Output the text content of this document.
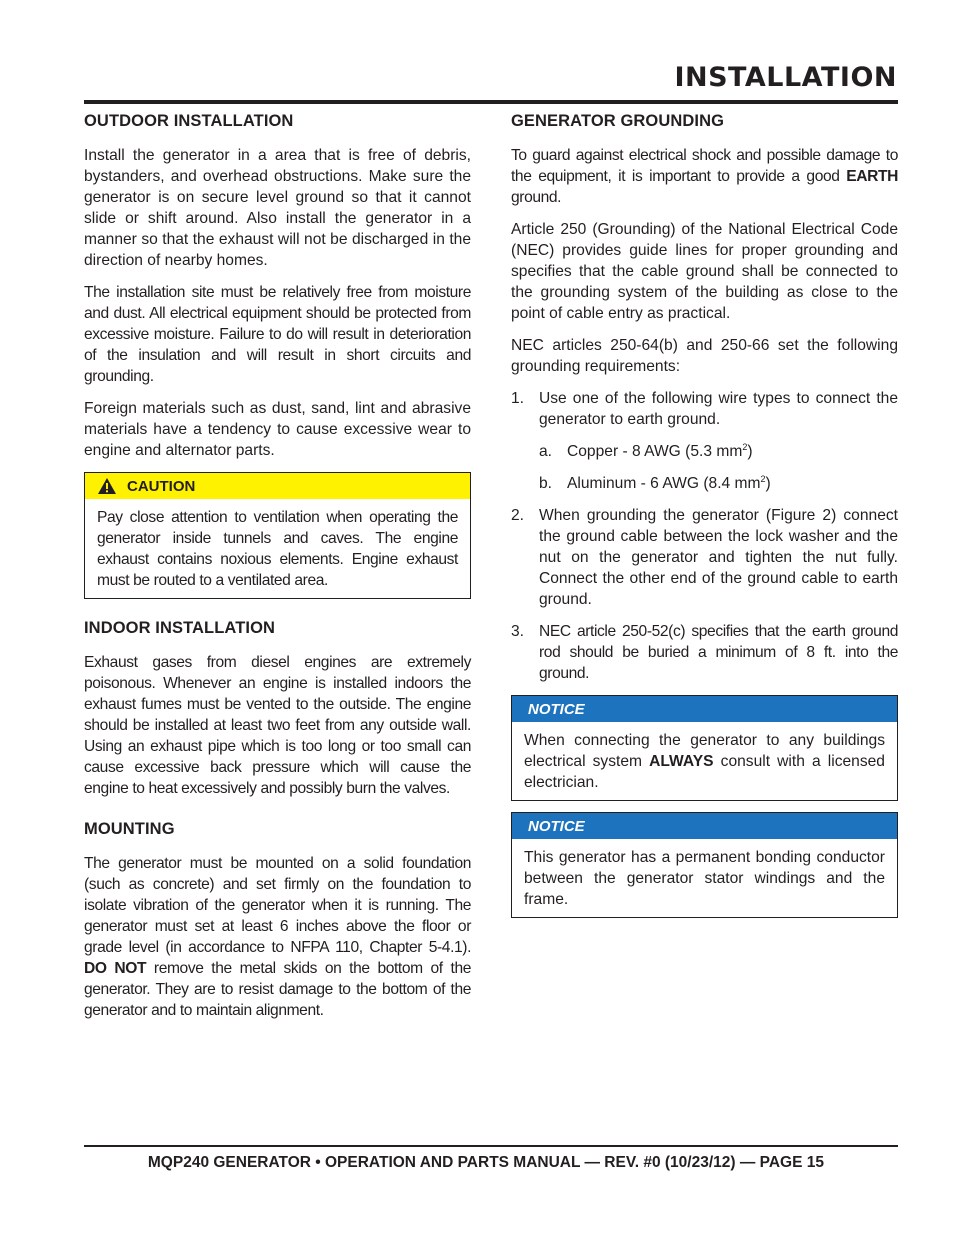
INSTALLATION
OUTDOOR INSTALLATION

Install the generator in a area that is free of debris, bystanders, and overhead obstructions. Make sure the generator is on secure level ground so that it cannot slide or shift around. Also install the generator in a manner so that the exhaust will not be discharged in the direction of nearby homes.

The installation site must be relatively free from moisture and dust. All electrical equipment should be protected from excessive moisture. Failure to do will result in deterioration of the insulation and will result in short circuits and grounding.

Foreign materials such as dust, sand, lint and abrasive materials have a tendency to cause excessive wear to engine and alternator parts.

CAUTION

Pay close attention to ventilation when operating the generator inside tunnels and caves. The engine exhaust contains noxious elements. Engine exhaust must be routed to a ventilated area.

INDOOR INSTALLATION

Exhaust gases from diesel engines are extremely poisonous. Whenever an engine is installed indoors the exhaust fumes must be vented to the outside. The engine should be installed at least two feet from any outside wall. Using an exhaust pipe which is too long or too small can cause excessive back pressure which will cause the engine to heat excessively and possibly burn the valves.

MOUNTING

The generator must be mounted on a solid foundation (such as concrete) and set firmly on the foundation to isolate vibration of the generator when it is running. The generator must set at least 6 inches above the floor or grade level (in accordance to NFPA 110, Chapter 5-4.1). DO NOT remove the metal skids on the bottom of the generator. They are to resist damage to the bottom of the generator and to maintain alignment.

GENERATOR GROUNDING

To guard against electrical shock and possible damage to the equipment, it is important to provide a good EARTH ground.

Article 250 (Grounding) of the National Electrical Code (NEC) provides guide lines for proper grounding and specifies that the cable ground shall be connected to the grounding system of the building as close to the point of cable entry as practical.

NEC articles 250-64(b) and 250-66 set the following grounding requirements:

1. Use one of the following wire types to connect the generator to earth ground.

a. Copper - 8 AWG (5.3 $mm^2$)
b. Aluminum - 6 AWG (8.4 $mm^2$)
2. When grounding the generator (Figure 2) connect the ground cable between the lock washer and the nut on the generator and tighten the nut fully. Connect the other end of the ground cable to earth ground.

3. NEC article 250-52(c) specifies that the earth ground rod should be buried a minimum of 8 ft. into the ground.

NOTICE

When connecting the generator to any buildings electrical system ALWAYS consult with a licensed electrician.

NOTICE

This generator has a permanent bonding conductor between the generator stator windings and the frame.

MQP240 GENERATOR • OPERATION AND PARTS MANUAL — REV. #0 (10/23/12) — PAGE 15
